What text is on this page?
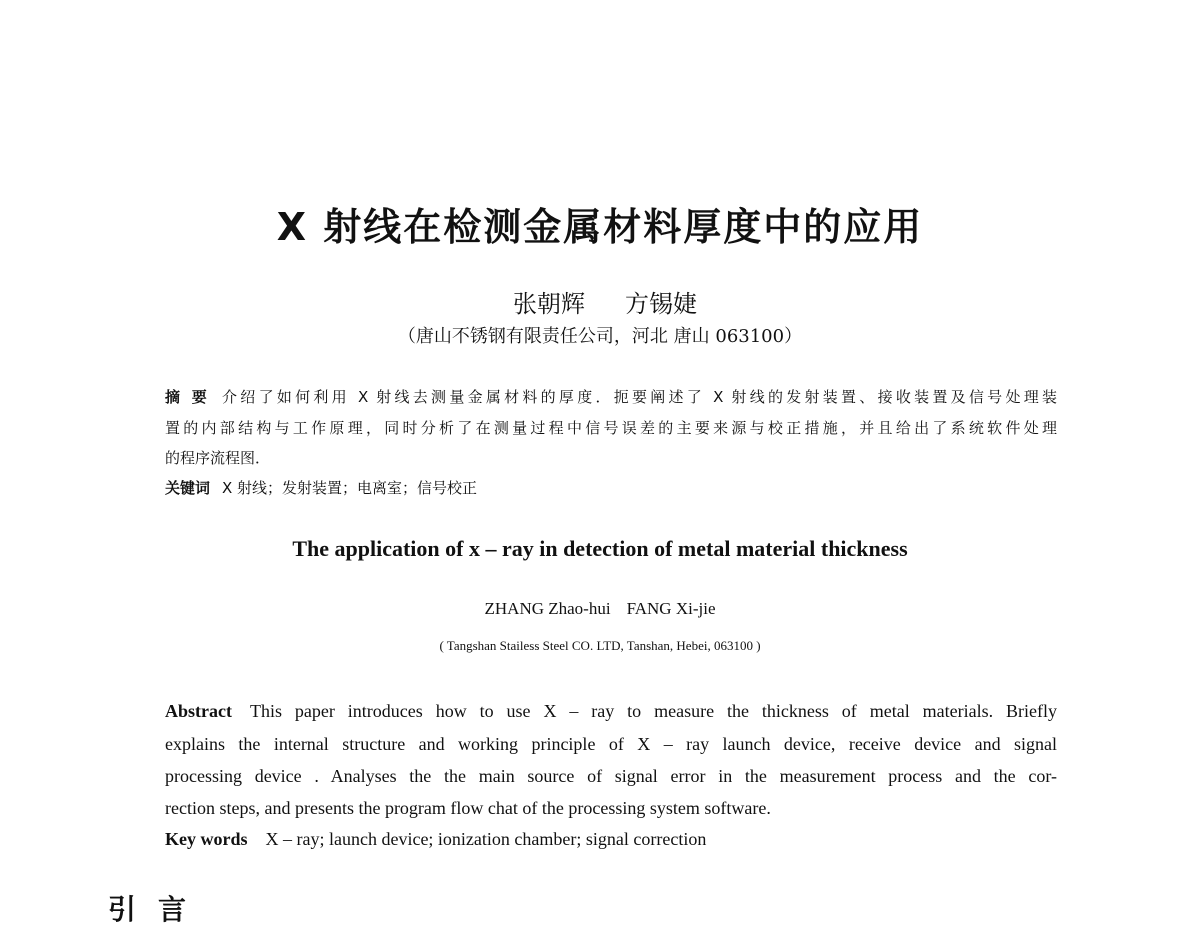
X 射线在检测金属材料厚度中的应用
张朝辉 方锡婕
（唐山不锈钢有限责任公司，河北 唐山 063100）
摘 要 介绍了如何利用 X 射线去测量金属材料的厚度．扼要阐述了 X 射线的发射装置、接收装置及信号处理装
置的内部结构与工作原理，同时分析了在测量过程中信号误差的主要来源与校正措施，并且给出了系统软件处理
的程序流程图．
关键词 X 射线；发射装置；电离室；信号校正
The application of x – ray in detection of metal material thickness
ZHANG Zhao-hui FANG Xi-jie
( Tangshan Stailess Steel CO. LTD, Tanshan, Hebei, 063100 )
Abstract This paper introduces how to use X – ray to measure the thickness of metal materials. Briefly
explains the internal structure and working principle of X – ray launch device, receive device and signal
processing device . Analyses the the main source of signal error in the measurement process and the cor-
rection steps, and presents the program flow chat of the processing system software.
Key words X – ray; launch device; ionization chamber; signal correction
引言
